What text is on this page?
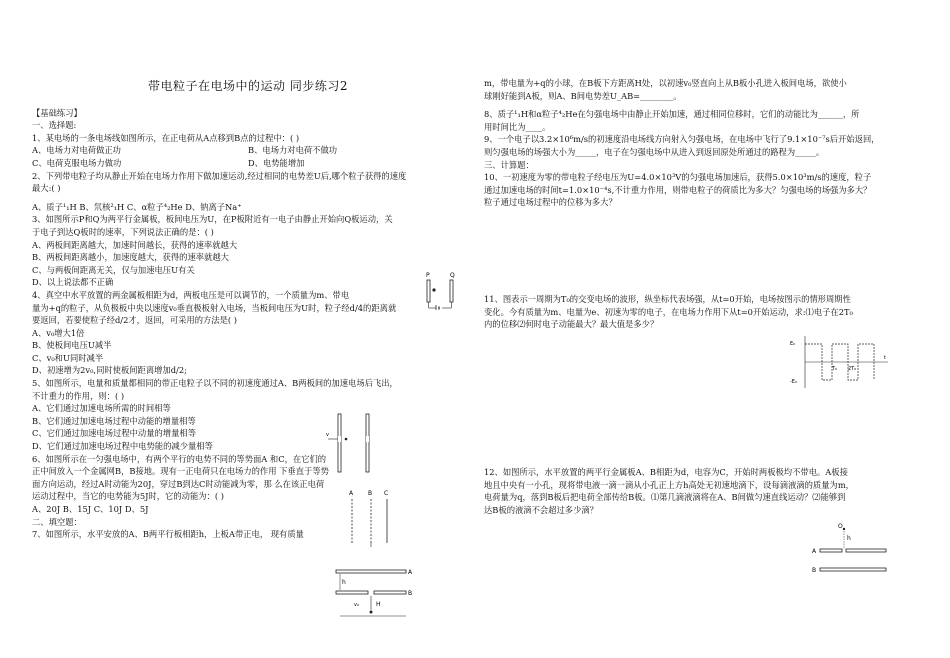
带电粒子在电场中的运动 同步练习2
【基础练习】
一、选择题:
1、某电场的一条电场线如图所示，在正电荷从A点移到B点的过程中：( )
A、电场力对电荷做正功	B、电场力对电荷不做功
C、电荷克服电场力做功	D、电势能增加
2、下列带电粒子均从静止开始在电场力作用下做加速运动,经过相同的电势差U后,哪个粒子获得的速度
最大:( )
A、质子¹₁H B、氘核²₁H C、α粒子⁴₂He D、钠离子Na⁺
3、如图所示P和Q为两平行金属板，板间电压为U，在P板附近有一电子由静止开始向Q板运动，关
于电子到达Q板时的速率，下列说法正确的是：( )
A、两板间距离越大，加速时间越长，获得的速率就越大
B、两板间距离越小，加速度越大，获得的速率就越大
C、与两板间距离无关，仅与加速电压U有关
D、以上说法都不正确
4、真空中水平放置的两金属板相距为d，两板电压是可以调节的，一个质量为m、带电
量为+q的粒子，从负极板中央以速度v₀垂直极板射入电场，当板间电压为U时，粒子经d/4的距离就
要返回，若要使粒子经d/2才，返回，可采用的方法是( )
A、v₀增大1倍
B、使板间电压U减半
C、v₀和U同时减半
D、初速增为2v₀,同时使板间距离增加d/2;
5、如图所示，电量和质量都相同的带正电粒子以不同的初速度通过A、B两板间的加速电场后飞出，
不计重力的作用，则：( )
A、它们通过加速电场所需的时间相等
B、它们通过加速电场过程中动能的增量相等
C、它们通过加速电场过程中动量的增量相等
D、它们通过加速电场过程中电势能的减少量相等
6、如图所示在一匀强电场中，有两个平行的电势不同的等势面A 和C，在它们的
正中间放入一个金属网B，B接地。现有一正电荷只在电场力的作用 下垂直于等势
面方向运动，经过A时动能为20J，穿过B到达C时动能减为零，那 么在该正电荷
运动过程中，当它的电势能为5J时，它的动能为：( )
A、20J B、15J C、10J D、5J
二、填空题：
7、如图所示，水平安放的A、B两平行板相距h，上板A带正电， 现有质量
m，带电量为+q的小球，在B板下方距离H处，以初速v₀竖直向上从B板小孔进入板间电场，欲使小
球刚好能到A板，则A、B间电势差U_AB=________。
8、质子¹₁H和α粒子⁴₂He在匀强电场中由静止开始加速，通过相同位移时，它们的动能比为______，所
用时间比为____。
9、一个电子以3.2×10⁶m/s的初速度沿电场线方向射入匀强电场，在电场中飞行了9.1×10⁻⁷s后开始返回，
则匀强电场的场强大小为_____，电子在匀强电场中从进入到返回原处所通过的路程为_____。
三、计算题：
10、一初速度为零的带电粒子经电压为U=4.0×10³V的匀强电场加速后，获得5.0×10³m/s的速度，粒子
通过加速电场的时间t=1.0×10⁻⁴s,不计重力作用，则带电粒子的荷质比为多大？匀强电场的场强为多大？
粒子通过电场过程中的位移为多大？
11、图表示一周期为T₀的交变电场的波形，纵坐标代表场强，从t=0开始，电场按图示的情形周期性
变化。今有质量为m、电量为e、初速为零的电子，在电场力作用下从t=0开始运动，求:⑴电子在2T₀
内的位移⑵何时电子动能最大？最大值是多少？
12、如图所示，水平放置的两平行金属板A、B相距为d，电容为C，开始时两板极均不带电。A板接
地且中央有一小孔，现将带电液一滴一滴从小孔正上方h高处无初速地滴下，设每滴液滴的质量为m，
电荷量为q，落到B板后把电荷全部传给B板。⑴第几滴液滴将在A、B间做匀速直线运动？⑵能够到
达B板的液滴不会超过多少滴？
P	Q
v
A B C
A
h
B
v₀	H
E₀
-E₀
t
T₀ 2T₀
O
h
A
B
